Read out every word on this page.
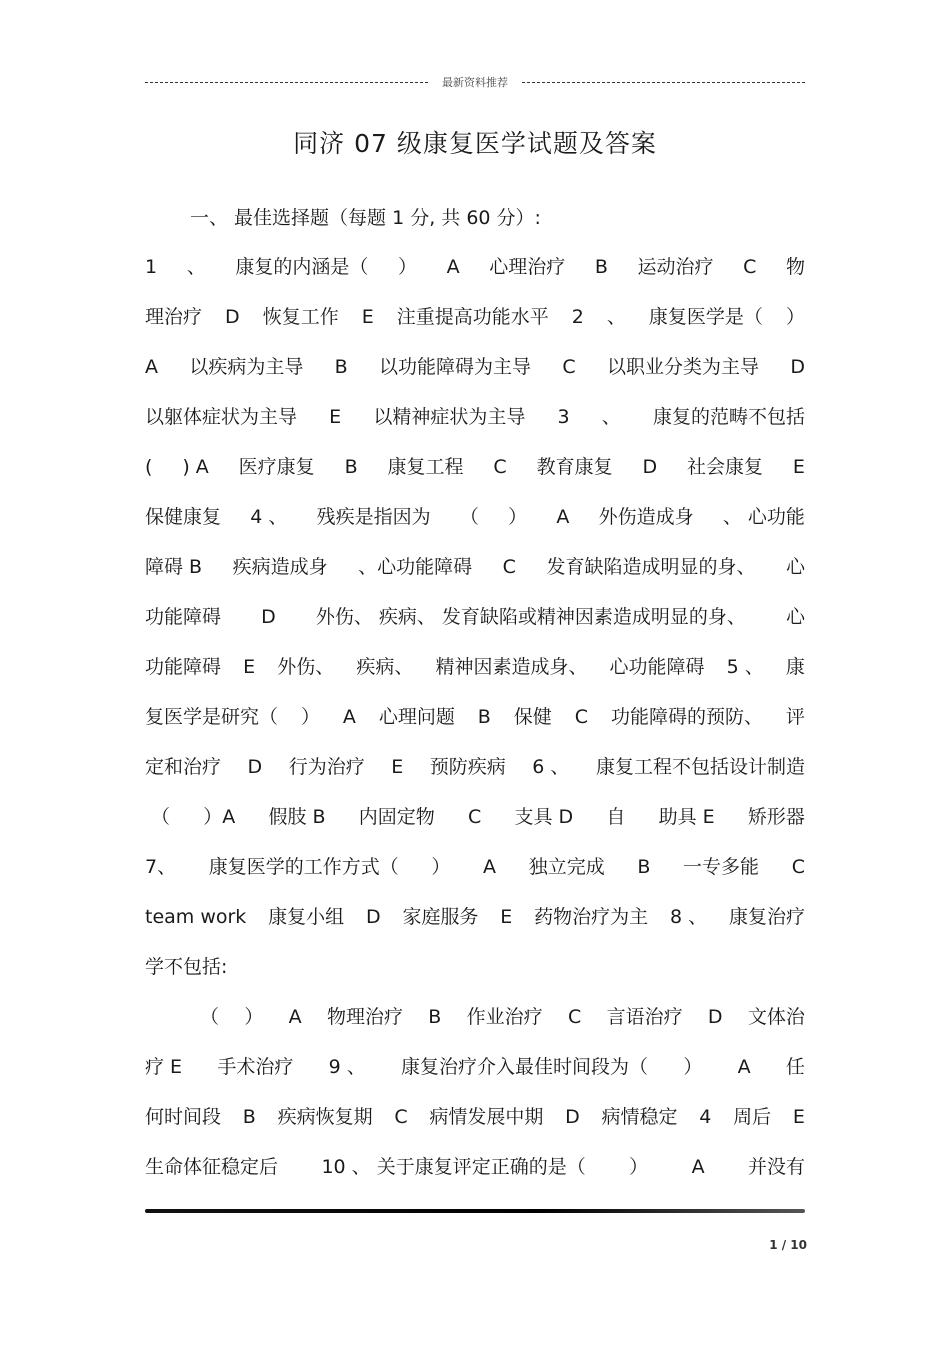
最新资料推荐
同济 07 级康复医学试题及答案
一、 最佳选择题（每题 1 分, 共 60 分）:
1 、 康复的内涵是（ ） A 心理治疗 B 运动治疗 C 物
理治疗 D 恢复工作 E 注重提高功能水平 2 、 康复医学是（ ）
A 以疾病为主导 B 以功能障碍为主导 C 以职业分类为主导 D
以躯体症状为主导 E 以精神症状为主导 3 、 康复的范畴不包括
( ) A 医疗康复 B 康复工程 C 教育康复 D 社会康复 E
保健康复 4 、 残疾是指因为 （ ） A 外伤造成身 、 心功能
障碍 B 疾病造成身 、心功能障碍 C 发育缺陷造成明显的身、 心
功能障碍 D 外伤、 疾病、 发育缺陷或精神因素造成明显的身、 心
功能障碍 E 外伤、 疾病、 精神因素造成身、 心功能障碍 5 、 康
复医学是研究（ ） A 心理问题 B 保健 C 功能障碍的预防、 评
定和治疗 D 行为治疗 E 预防疾病 6 、 康复工程不包括设计制造
（ ）A 假肢 B 内固定物 C 支具 D 自 助具 E 矫形器
7、 康复医学的工作方式（ ） A 独立完成 B 一专多能 C
team work 康复小组 D 家庭服务 E 药物治疗为主 8 、 康复治疗
学不包括:
（ ） A 物理治疗 B 作业治疗 C 言语治疗 D 文体治
疗 E 手术治疗 9 、 康复治疗介入最佳时间段为（ ） A 任
何时间段 B 疾病恢复期 C 病情发展中期 D 病情稳定 4 周后 E
生命体征稳定后 10 、 关于康复评定正确的是（ ） A 并没有
1 / 10
